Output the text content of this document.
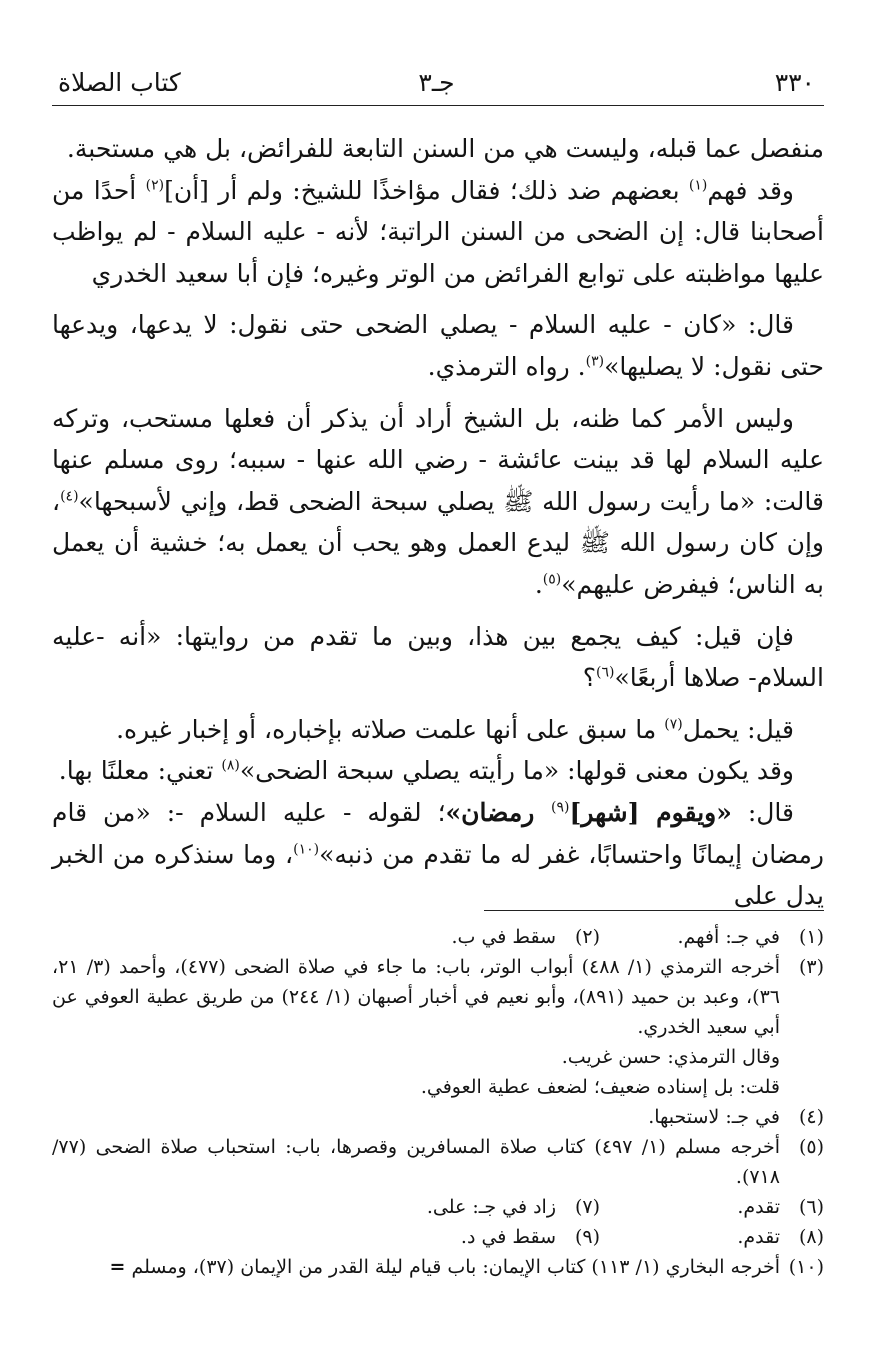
٣٣٠
جـ٣
كتاب الصلاة

منفصل عما قبله، وليست هي من السنن التابعة للفرائض، بل هي مستحبة.

وقد فهم$^{(١)}$ بعضهم ضد ذلك؛ فقال مؤاخذًا للشيخ: ولم أر [أن]$^{(٢)}$ أحدًا من أصحابنا قال: إن الضحى من السنن الراتبة؛ لأنه - عليه السلام - لم يواظب عليها مواظبته على توابع الفرائض من الوتر وغيره؛ فإن أبا سعيد الخدري

قال: «كان - عليه السلام - يصلي الضحى حتى نقول: لا يدعها، ويدعها حتى نقول: لا يصليها»$^{(٣)}$. رواه الترمذي.

وليس الأمر كما ظنه، بل الشيخ أراد أن يذكر أن فعلها مستحب، وتركه عليه السلام لها قد بينت عائشة - رضي الله عنها - سببه؛ روى مسلم عنها قالت: «ما رأيت رسول الله ﷺ يصلي سبحة الضحى قط، وإني لأسبحها»$^{(٤)}$، وإن كان رسول الله ﷺ ليدع العمل وهو يحب أن يعمل به؛ خشية أن يعمل به الناس؛ فيفرض عليهم»$^{(٥)}$.

فإن قيل: كيف يجمع بين هذا، وبين ما تقدم من روايتها: «أنه -عليه السلام- صلاها أربعًا»$^{(٦)}$؟

قيل: يحمل$^{(٧)}$ ما سبق على أنها علمت صلاته بإخباره، أو إخبار غيره.

وقد يكون معنى قولها: «ما رأيته يصلي سبحة الضحى»$^{(٨)}$ تعني: معلنًا بها.

قال: «ويقوم [شهر]$^{(٩)}$ رمضان»؛ لقوله - عليه السلام -: «من قام رمضان إيمانًا واحتسابًا، غفر له ما تقدم من ذنبه»$^{(١٠)}$، وما سنذكره من الخبر يدل على

(١)
في جـ: أفهم.
(٢)
سقط في ب.
(٣)
أخرجه الترمذي (١/ ٤٨٨) أبواب الوتر، باب: ما جاء في صلاة الضحى (٤٧٧)، وأحمد (٣/ ٢١، ٣٦)، وعبد بن حميد (٨٩١)، وأبو نعيم في أخبار أصبهان (١/ ٢٤٤) من طريق عطية العوفي عن أبي سعيد الخدري.
وقال الترمذي: حسن غريب.
قلت: بل إسناده ضعيف؛ لضعف عطية العوفي.
(٤)
في جـ: لاستحبها.
(٥)
أخرجه مسلم (١/ ٤٩٧) كتاب صلاة المسافرين وقصرها، باب: استحباب صلاة الضحى (٧٧/ ٧١٨).
(٦)
تقدم.
(٧)
زاد في جـ: على.
(٨)
تقدم.
(٩)
سقط في د.
(١٠)
أخرجه البخاري (١/ ١١٣) كتاب الإيمان: باب قيام ليلة القدر من الإيمان (٣٧)، ومسلم =
